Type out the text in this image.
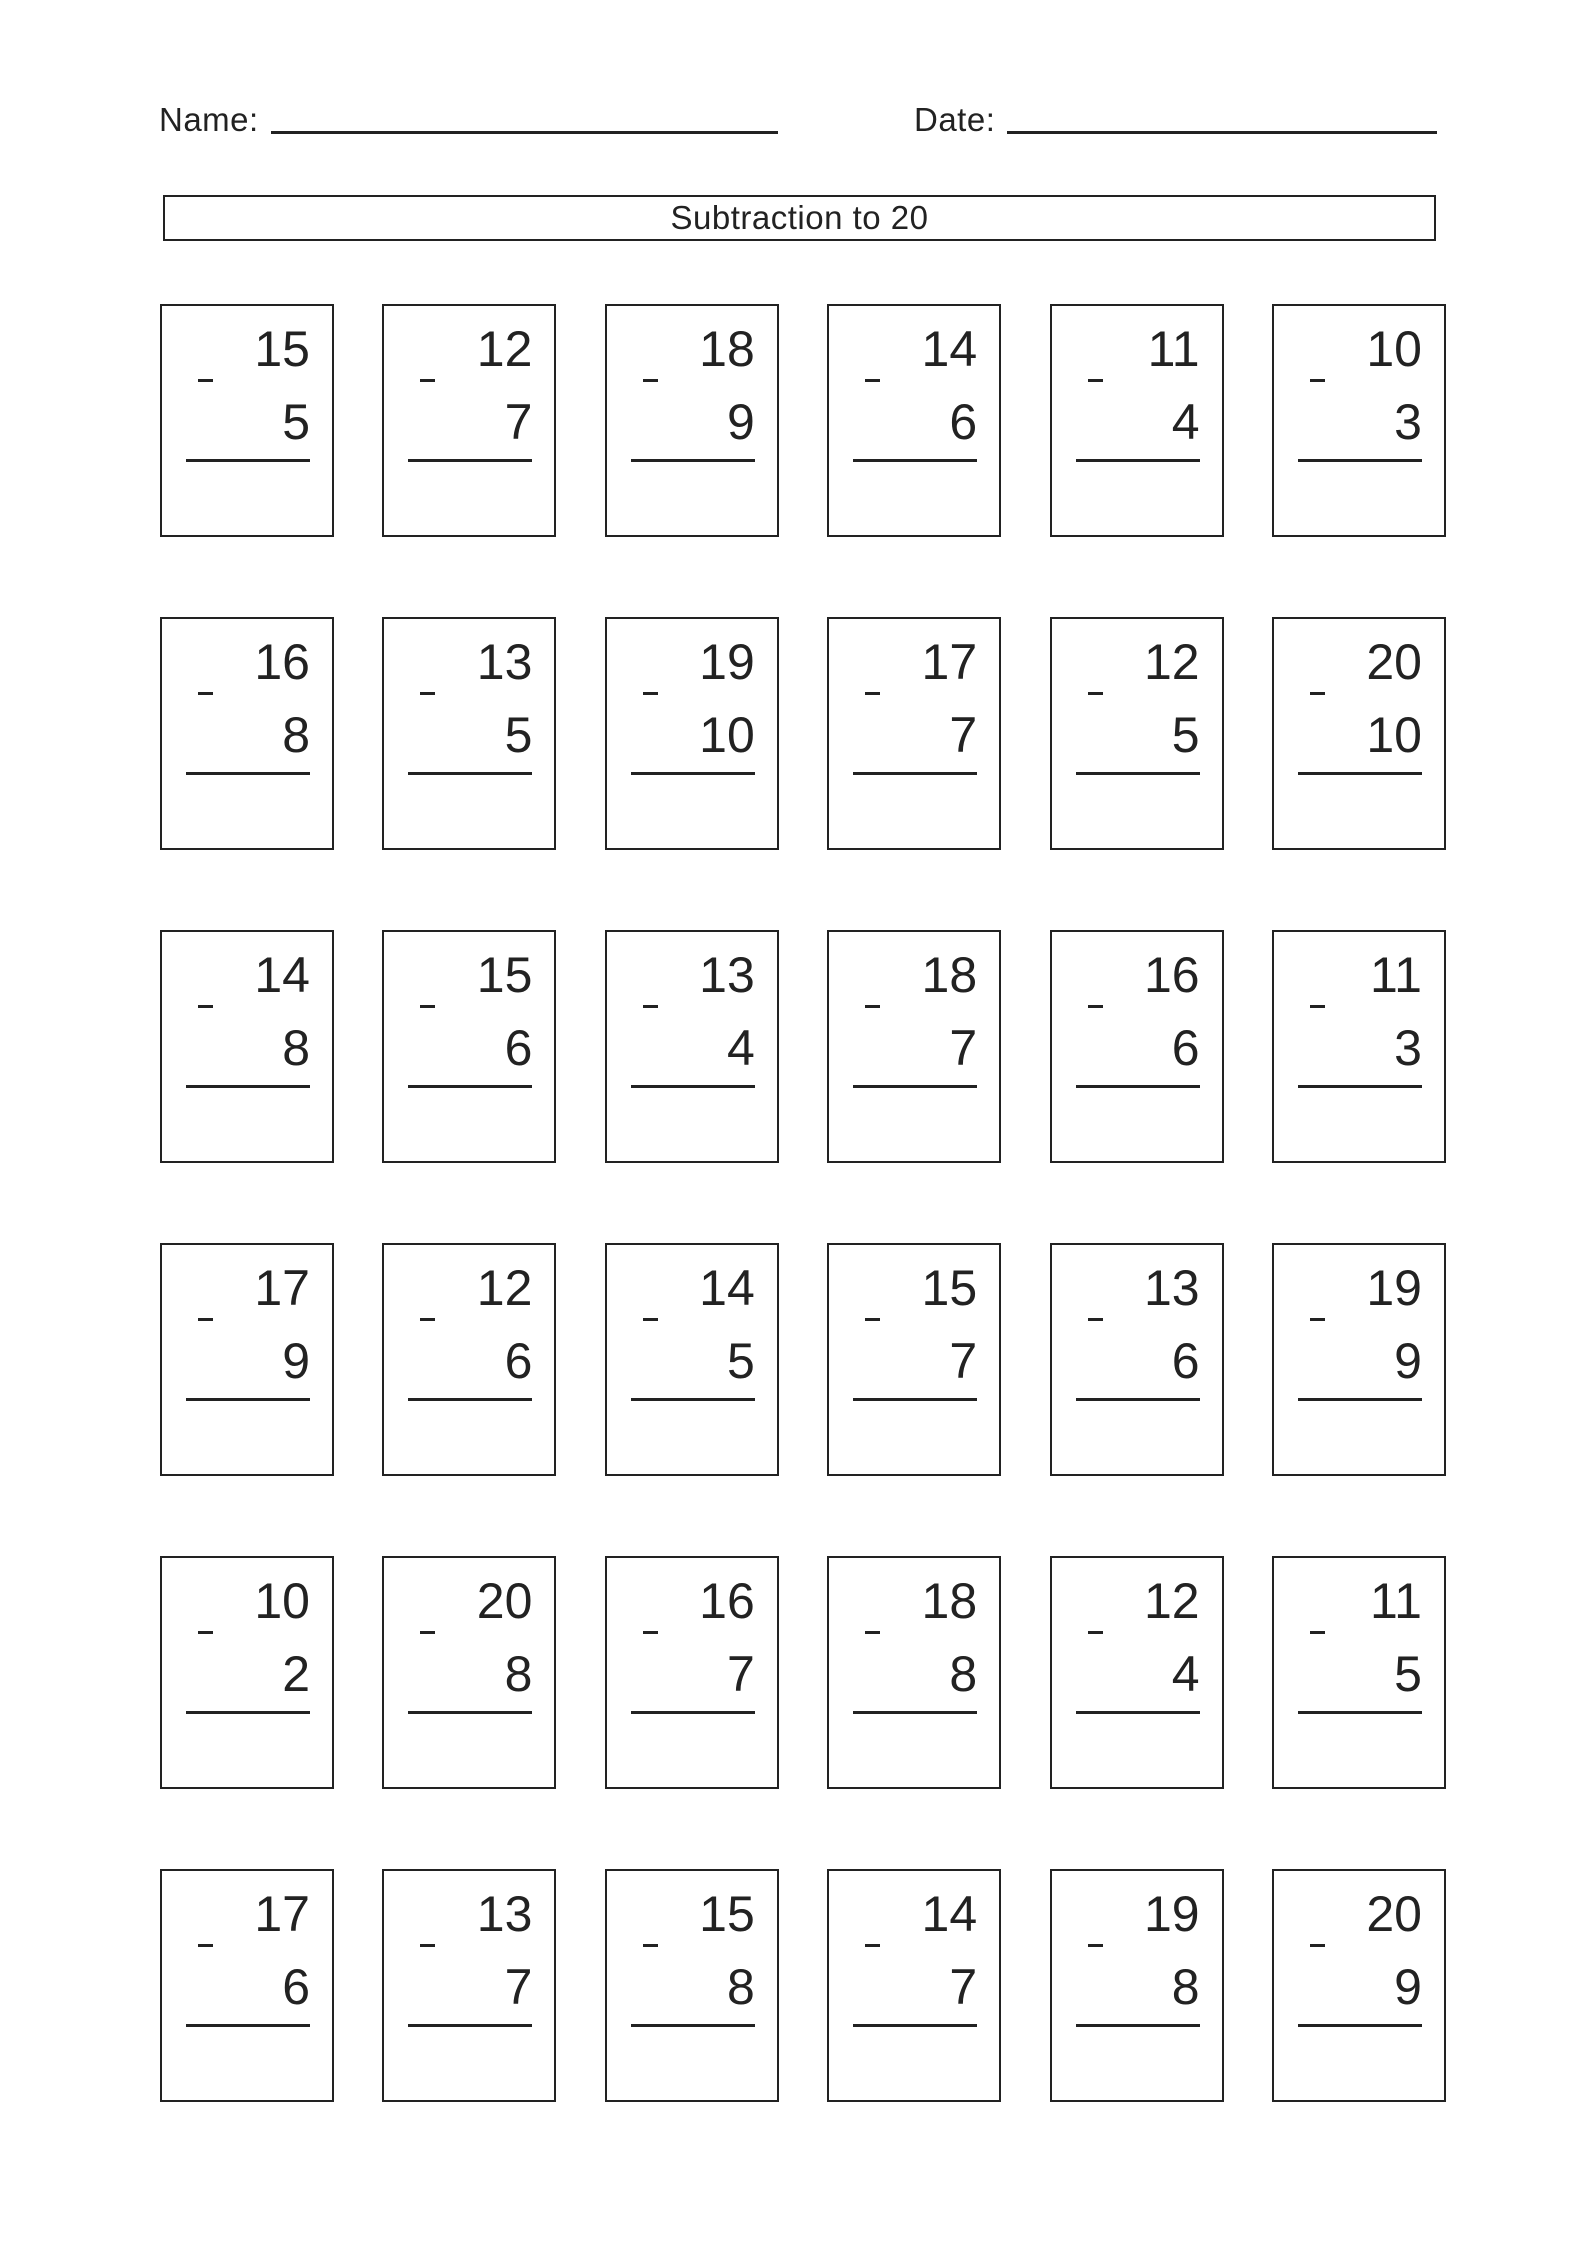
Name:	Date:
Subtraction to 20
15
5
12
7
18
9
14
6
11
4
10
3
16
8
13
5
19
10
17
7
12
5
20
10
14
8
15
6
13
4
18
7
16
6
11
3
17
9
12
6
14
5
15
7
13
6
19
9
10
2
20
8
16
7
18
8
12
4
11
5
17
6
13
7
15
8
14
7
19
8
20
9
